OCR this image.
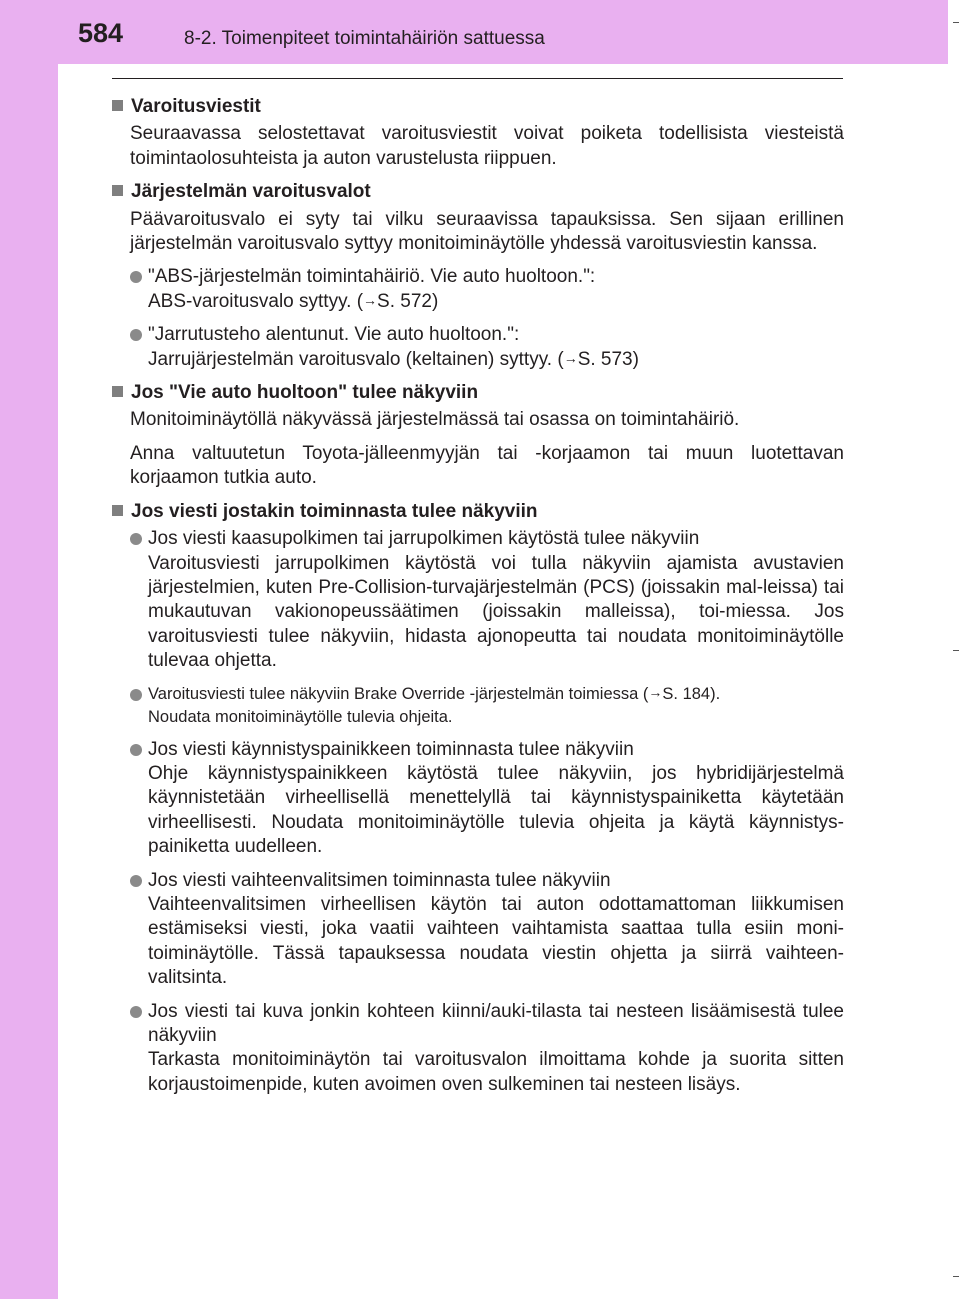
584	8-2. Toimenpiteet toimintahäiriön sattuessa
Varoitusviestit
Seuraavassa selostettavat varoitusviestit voivat poiketa todellisista viesteistä toimintaolosuhteista ja auton varustelusta riippuen.
Järjestelmän varoitusvalot
Päävaroitusvalo ei syty tai vilku seuraavissa tapauksissa. Sen sijaan erillinen järjestelmän varoitusvalo syttyy monitoiminäytölle yhdessä varoitusviestin kanssa.
"ABS-järjestelmän toimintahäiriö. Vie auto huoltoon.":
ABS-varoitusvalo syttyy. (→S. 572)
"Jarrutusteho alentunut. Vie auto huoltoon.":
Jarrujärjestelmän varoitusvalo (keltainen) syttyy. (→S. 573)
Jos "Vie auto huoltoon" tulee näkyviin
Monitoiminäytöllä näkyvässä järjestelmässä tai osassa on toimintahäiriö.
Anna valtuutetun Toyota-jälleenmyyjän tai -korjaamon tai muun luotettavan korjaamon tutkia auto.
Jos viesti jostakin toiminnasta tulee näkyviin
Jos viesti kaasupolkimen tai jarrupolkimen käytöstä tulee näkyviin
Varoitusviesti jarrupolkimen käytöstä voi tulla näkyviin ajamista avustavien järjestelmien, kuten Pre-Collision-turvajärjestelmän (PCS) (joissakin mal-leissa) tai mukautuvan vakionopeussäätimen (joissakin malleissa), toi-miessa. Jos varoitusviesti tulee näkyviin, hidasta ajonopeutta tai noudata monitoiminäytölle tulevaa ohjetta.
Varoitusviesti tulee näkyviin Brake Override -järjestelmän toimiessa (→S. 184).
Noudata monitoiminäytölle tulevia ohjeita.
Jos viesti käynnistyspainikkeen toiminnasta tulee näkyviin
Ohje käynnistyspainikkeen käytöstä tulee näkyviin, jos hybridijärjestelmä käynnistetään virheellisellä menettelyllä tai käynnistyspainiketta käytetään virheellisesti. Noudata monitoiminäytölle tulevia ohjeita ja käytä käynnistys-painiketta uudelleen.
Jos viesti vaihteenvalitsimen toiminnasta tulee näkyviin
Vaihteenvalitsimen virheellisen käytön tai auton odottamattoman liikkumisen estämiseksi viesti, joka vaatii vaihteen vaihtamista saattaa tulla esiin moni-toiminäytölle. Tässä tapauksessa noudata viestin ohjetta ja siirrä vaihteen-valitsinta.
Jos viesti tai kuva jonkin kohteen kiinni/auki-tilasta tai nesteen lisäämisestä tulee näkyviin
Tarkasta monitoiminäytön tai varoitusvalon ilmoittama kohde ja suorita sitten korjaustoimenpide, kuten avoimen oven sulkeminen tai nesteen lisäys.
